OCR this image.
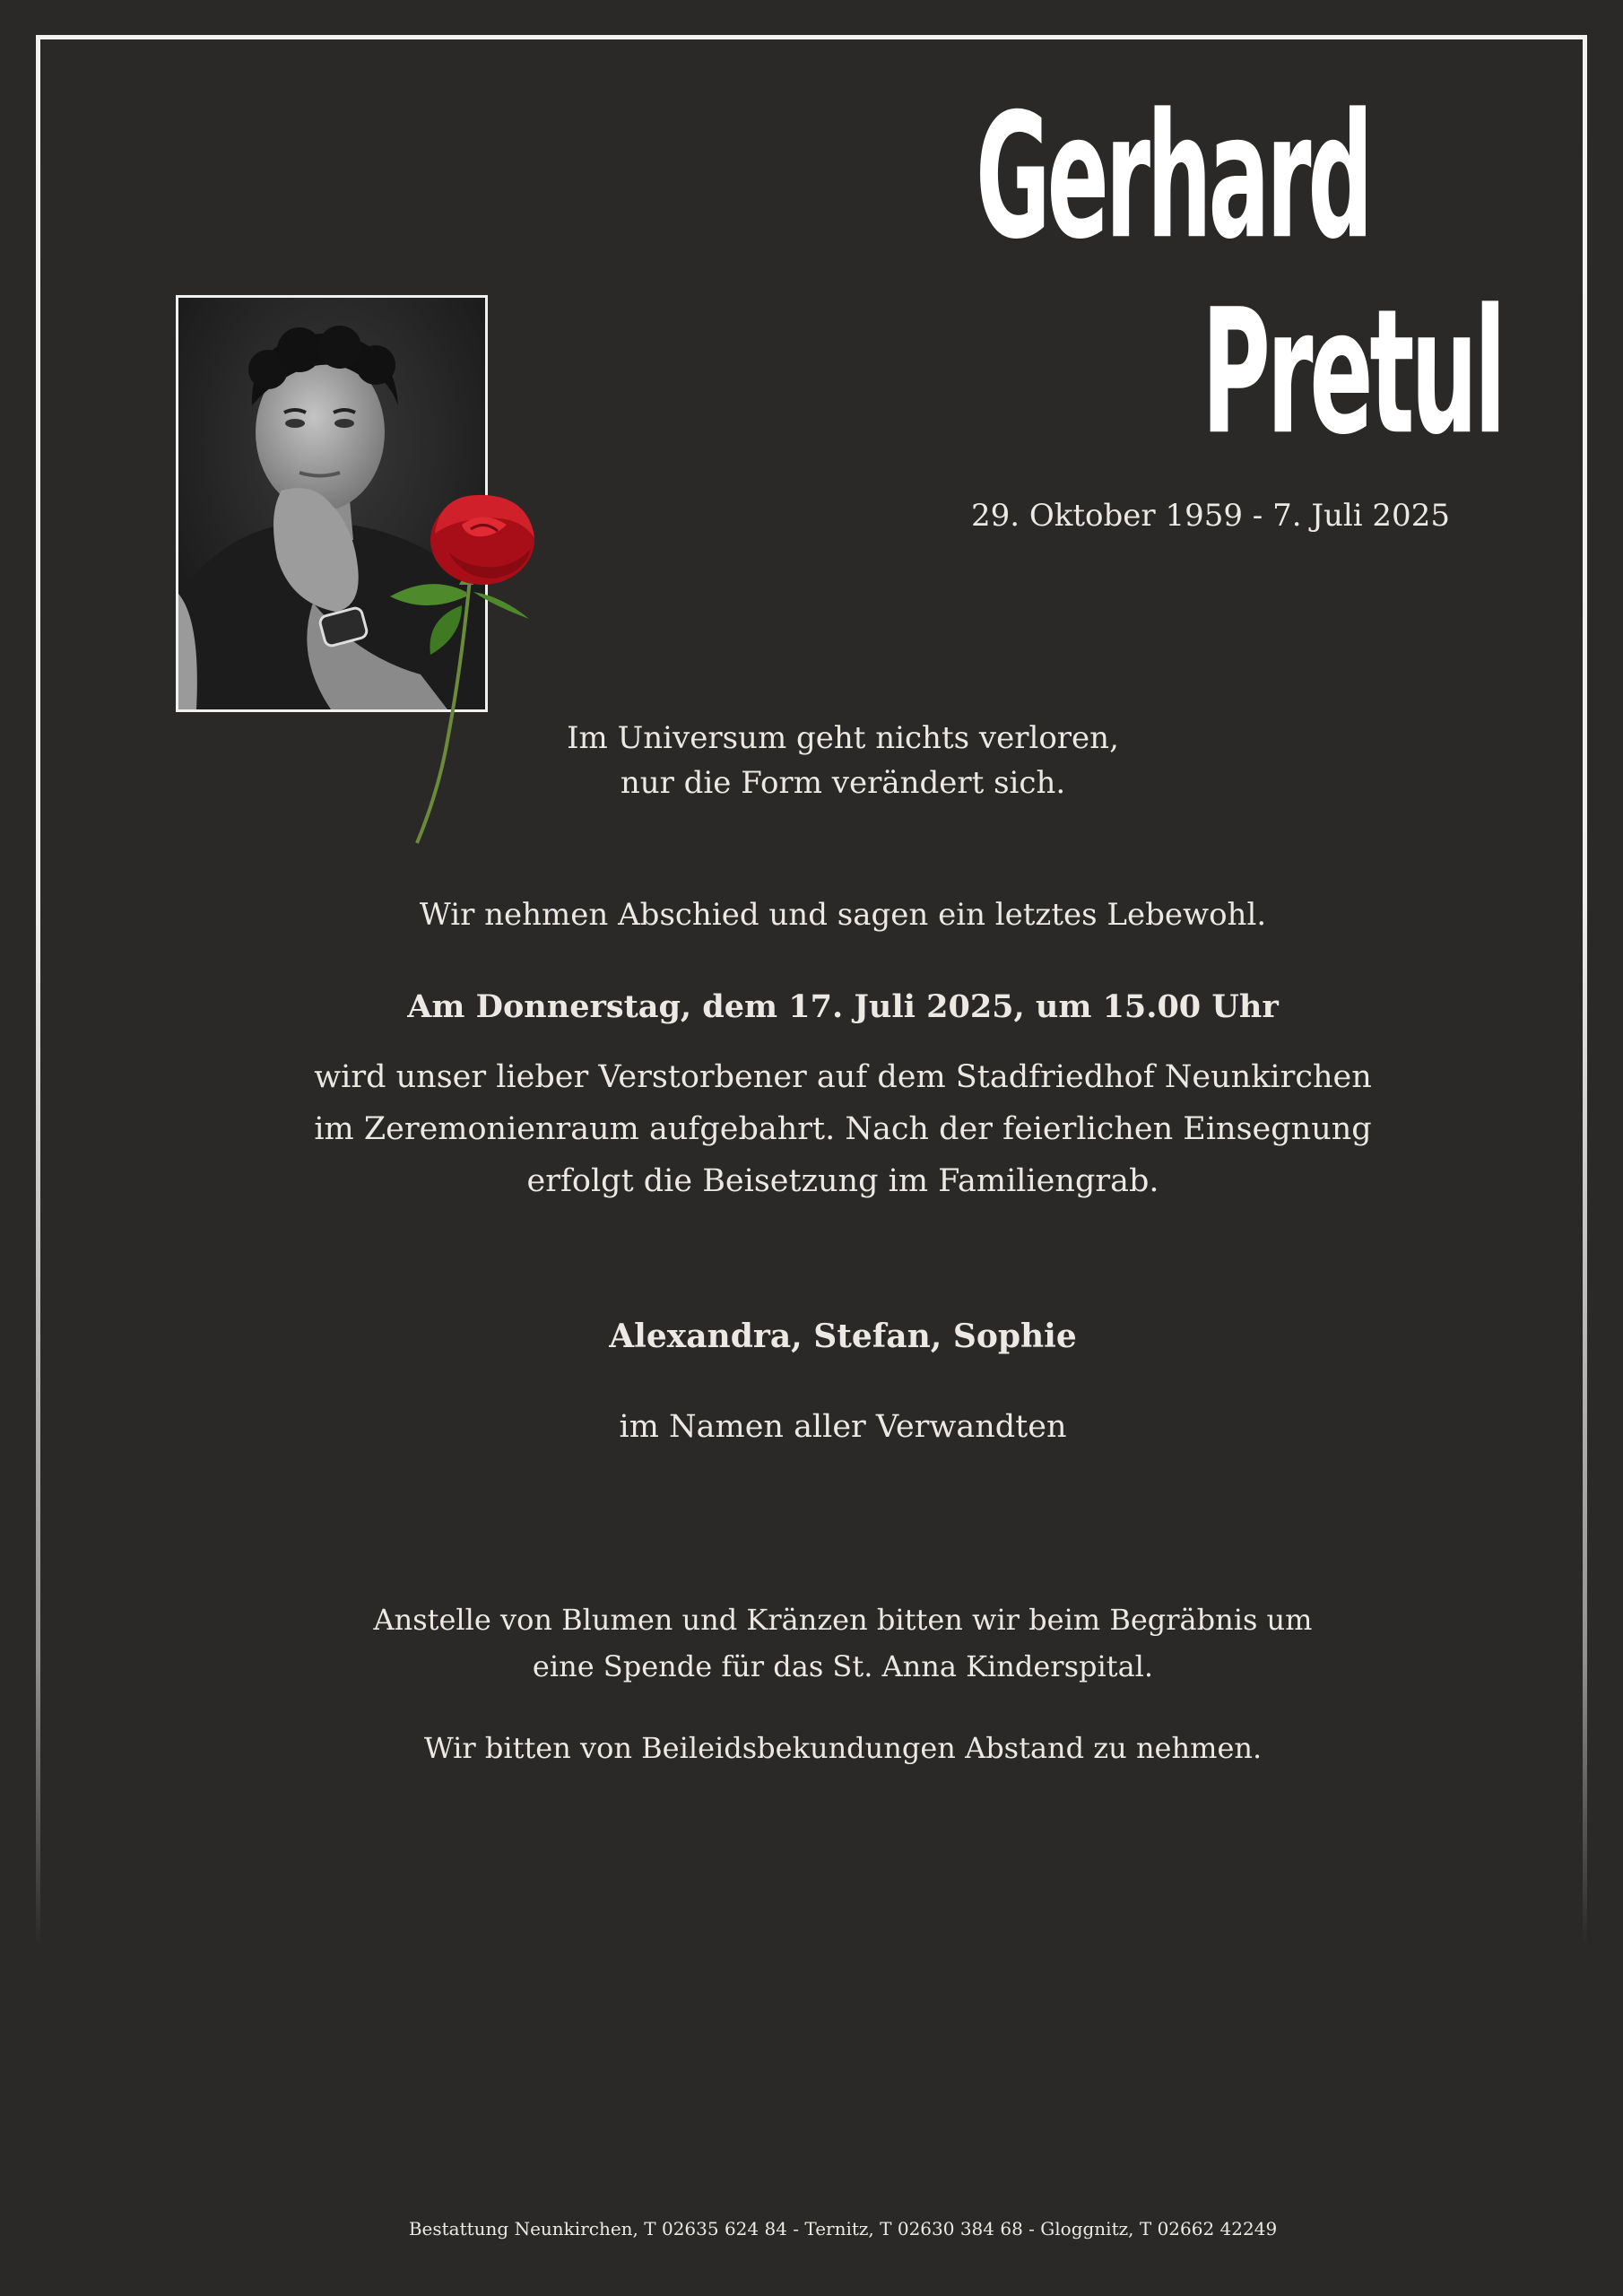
Gerhard
Pretul
29. Oktober 1959 - 7. Juli 2025
Im Universum geht nichts verloren,
nur die Form verändert sich.
Wir nehmen Abschied und sagen ein letztes Lebewohl.
Am Donnerstag, dem 17. Juli 2025, um 15.00 Uhr
wird unser lieber Verstorbener auf dem Stadfriedhof Neunkirchen
im Zeremonienraum aufgebahrt. Nach der feierlichen Einsegnung
erfolgt die Beisetzung im Familiengrab.
Alexandra, Stefan, Sophie
im Namen aller Verwandten
Anstelle von Blumen und Kränzen bitten wir beim Begräbnis um
eine Spende für das St. Anna Kinderspital.
Wir bitten von Beileidsbekundungen Abstand zu nehmen.
Bestattung Neunkirchen, T 02635 624 84 - Ternitz, T 02630 384 68 - Gloggnitz, T 02662 42249
